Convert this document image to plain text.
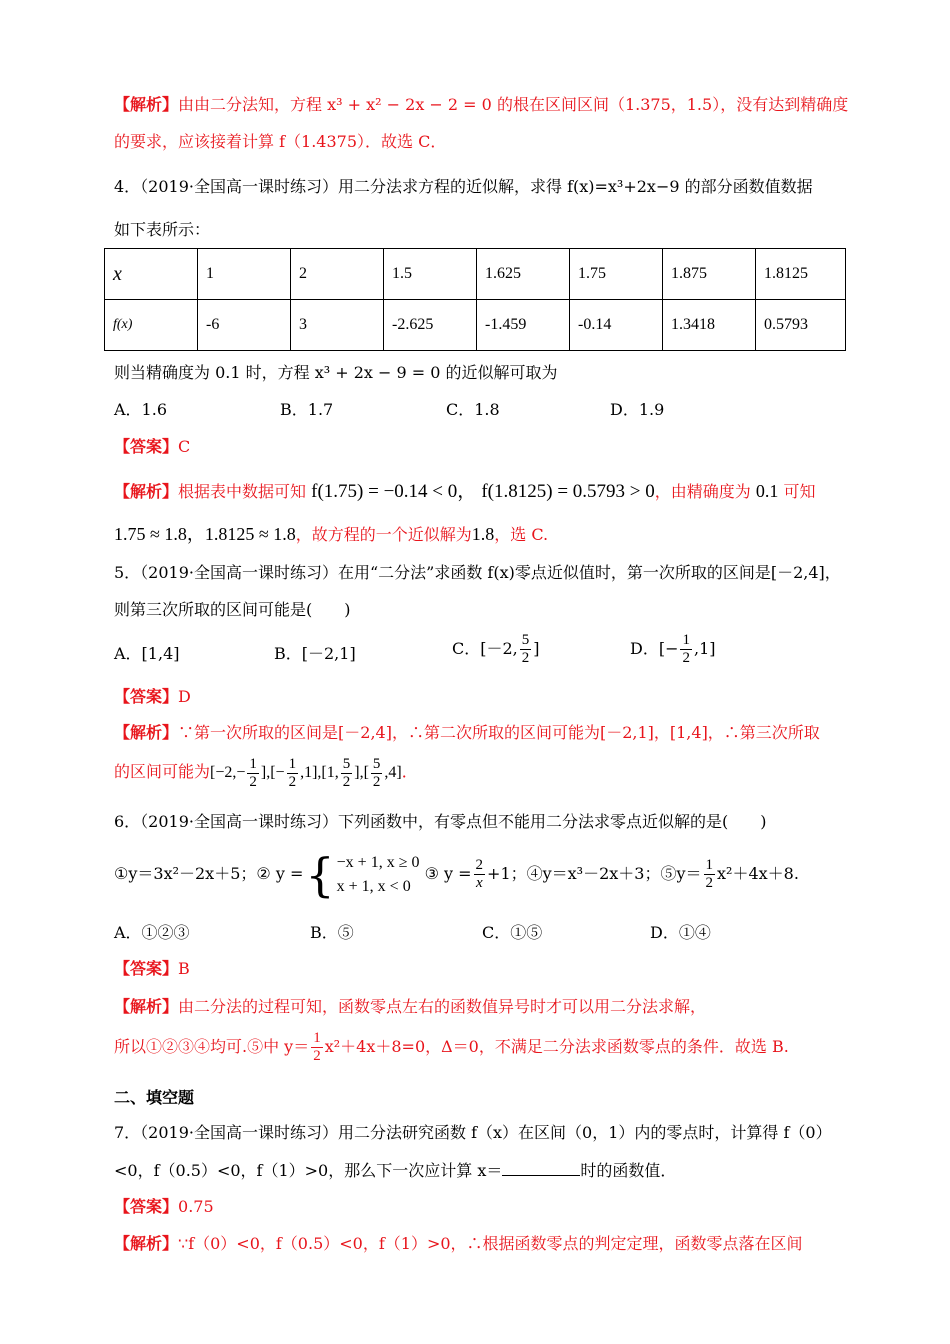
【解析】由由二分法知，方程 x³ + x² − 2x − 2 = 0 的根在区间区间（1.375，1.5），没有达到精确度
的要求，应该接着计算 f（1.4375）．故选 C．
4．（2019·全国高一课时练习）用二分法求方程的近似解，求得 f(x)=x³+2x−9 的部分函数值数据
如下表所示：
x	1	2	1.5	1.625	1.75	1.875	1.8125
f(x)	-6	3	-2.625	-1.459	-0.14	1.3418	0.5793
则当精确度为 0.1 时，方程 x³ + 2x − 9 = 0 的近似解可取为
A．1.6	B．1.7	C．1.8	D．1.9
【答案】C
【解析】根据表中数据可知 f(1.75) = −0.14 < 0， f(1.8125) = 0.5793 > 0，由精确度为 0.1 可知
1.75 ≈ 1.8，1.8125 ≈ 1.8，故方程的一个近似解为1.8，选 C.
5．（2019·全国高一课时练习）在用“二分法”求函数 f(x)零点近似值时，第一次所取的区间是[－2,4]，
则第三次所取的区间可能是(　　)
A．[1,4]	B．[－2,1]	C．[－2, $\frac{5}{2}$ ]	D．[− $\frac{1}{2} ,1$]
【答案】D
【解析】∵第一次所取的区间是[－2,4]，∴第二次所取的区间可能为[－2,1]，[1,4]，∴第三次所取
的区间可能为[$-2,- \frac{1}{2}$ ],[− $\frac{1}{2} ,1],[1$, $\frac{5}{2}$ ],[ $\frac{5}{2} ,4$]．
6．（2019·全国高一课时练习）下列函数中，有零点但不能用二分法求零点近似解的是(　　)
①y＝3x²－2x＋5；② y ={ −x + 1, x ≥ 0
x + 1, x < 0
③ $y = \frac{2}{x} +1$；④y＝x³－2x＋3；⑤y＝ $\frac{1}{2} x^2+4x+8$.
A．①②③	B．⑤	C．①⑤	D．①④
【答案】B
【解析】由二分法的过程可知，函数零点左右的函数值异号时才可以用二分法求解，
所以①②③④均可.⑤中 $y= \frac{1}{2} x^2+4x+8=0$，Δ＝0，不满足二分法求函数零点的条件．故选 B.
二、填空题
7．（2019·全国高一课时练习）用二分法研究函数 f（x）在区间（0，1）内的零点时，计算得 f（0）
<0，f（0.5）<0，f（1）>0，那么下一次应计算 x＝	时的函数值．
【答案】0.75
【解析】∵f（0）<0，f（0.5）<0，f（1）>0，∴根据函数零点的判定定理，函数零点落在区间
